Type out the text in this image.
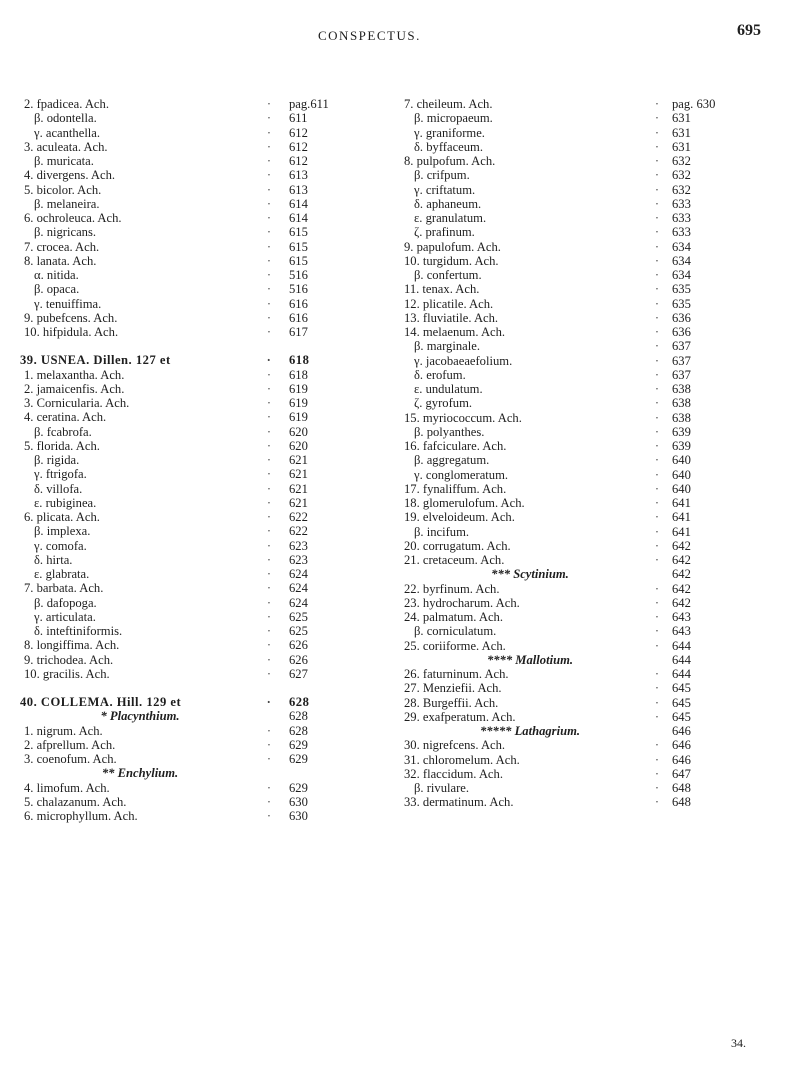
CONSPECTUS.	695
2. fpadicea. Ach.	·	pag.611
β. odontella.	·	611
γ. acanthella.	·	612
3. aculeata. Ach.	·	612
β. muricata.	·	612
4. divergens. Ach.	·	613
5. bicolor. Ach.	·	613
β. melaneira.	·	614
6. ochroleuca. Ach.	·	614
β. nigricans.	·	615
7. crocea. Ach.	·	615
8. lanata. Ach.	·	615
α. nitida.	·	516
β. opaca.	·	516
γ. tenuiffima.	·	616
9. pubefcens. Ach.	·	616
10. hifpidula. Ach.	·	617
39. USNEA. Dillen. 127 et	·	618
1. melaxantha. Ach.	·	618
2. jamaicenfis. Ach.	·	619
3. Cornicularia. Ach.	·	619
4. ceratina. Ach.	·	619
β. fcabrofa.	·	620
5. florida. Ach.	·	620
β. rigida.	·	621
γ. ftrigofa.	·	621
δ. villofa.	·	621
ε. rubiginea.	·	621
6. plicata. Ach.	·	622
β. implexa.	·	622
γ. comofa.	·	623
δ. hirta.	·	623
ε. glabrata.	·	624
7. barbata. Ach.	·	624
β. dafopoga.	·	624
γ. articulata.	·	625
δ. inteftiniformis.	·	625
8. longiffima. Ach.	·	626
9. trichodea. Ach.	·	626
10. gracilis. Ach.	·	627
40. COLLEMA. Hill. 129 et	·	628
* Placynthium.	628
1. nigrum. Ach.	·	628
2. afprellum. Ach.	·	629
3. coenofum. Ach.	·	629
** Enchylium.
4. limofum. Ach.	·	629
5. chalazanum. Ach.	·	630
6. microphyllum. Ach.	·	630
7. cheileum. Ach.	·	pag. 630
β. micropaeum.	·	631
γ. graniforme.	·	631
δ. byffaceum.	·	631
8. pulpofum. Ach.	·	632
β. crifpum.	·	632
γ. criftatum.	·	632
δ. aphaneum.	·	633
ε. granulatum.	·	633
ζ. prafinum.	·	633
9. papulofum. Ach.	·	634
10. turgidum. Ach.	·	634
β. confertum.	·	634
11. tenax. Ach.	·	635
12. plicatile. Ach.	·	635
13. fluviatile. Ach.	·	636
14. melaenum. Ach.	·	636
β. marginale.	·	637
γ. jacobaeaefolium.	·	637
δ. erofum.	·	637
ε. undulatum.	·	638
ζ. gyrofum.	·	638
15. myriococcum. Ach.	·	638
β. polyanthes.	·	639
16. fafciculare. Ach.	·	639
β. aggregatum.	·	640
γ. conglomeratum.	·	640
17. fynaliffum. Ach.	·	640
18. glomerulofum. Ach.	·	641
19. elveloideum. Ach.	·	641
β. incifum.	·	641
20. corrugatum. Ach.	·	642
21. cretaceum. Ach.	·	642
*** Scytinium.	642
22. byrfinum. Ach.	·	642
23. hydrocharum. Ach.	·	642
24. palmatum. Ach.	·	643
β. corniculatum.	·	643
25. coriiforme. Ach.	·	644
**** Mallotium.	644
26. faturninum. Ach.	·	644
27. Menziefii. Ach.	·	645
28. Burgeffii. Ach.	·	645
29. exafperatum. Ach.	·	645
***** Lathagrium.	646
30. nigrefcens. Ach.	·	646
31. chloromelum. Ach.	·	646
32. flaccidum. Ach.	·	647
β. rivulare.	·	648
33. dermatinum. Ach.	·	648
34.
